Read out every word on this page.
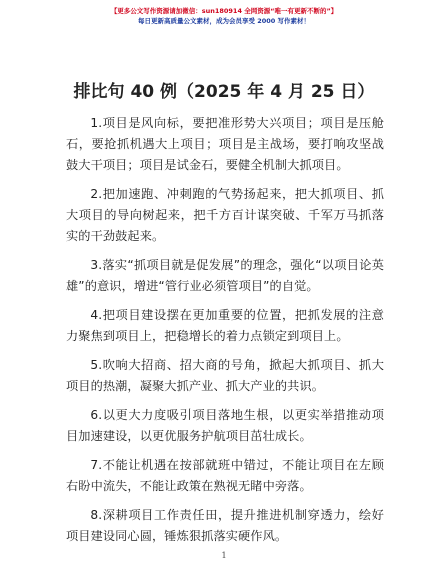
【更多公文写作资源请加微信：sun180914 全网资源“唯一有更新不断的”】
每日更新高质量公文素材，成为会员享受 2000 写作素材！
排比句 40 例（2025 年 4 月 25 日）

1.项目是风向标，要把准形势大兴项目；项目是压舱石，要抢抓机遇大上项目；项目是主战场，要打响攻坚战鼓大干项目；项目是试金石，要健全机制大抓项目。

2.把加速跑、冲刺跑的气势扬起来，把大抓项目、抓大项目的导向树起来，把千方百计谋突破、千军万马抓落实的干劲鼓起来。

3.落实“抓项目就是促发展”的理念，强化“以项目论英雄”的意识，增进“管行业必须管项目”的自觉。

4.把项目建设摆在更加重要的位置，把抓发展的注意力聚焦到项目上，把稳增长的着力点锁定到项目上。

5.吹响大招商、招大商的号角，掀起大抓项目、抓大项目的热潮，凝聚大抓产业、抓大产业的共识。

6.以更大力度吸引项目落地生根，以更实举措推动项目加速建设，以更优服务护航项目茁壮成长。

7.不能让机遇在按部就班中错过，不能让项目在左顾右盼中流失，不能让政策在熟视无睹中旁落。

8.深耕项目工作责任田，提升推进机制穿透力，绘好项目建设同心圆，锤炼狠抓落实硬作风。

1
